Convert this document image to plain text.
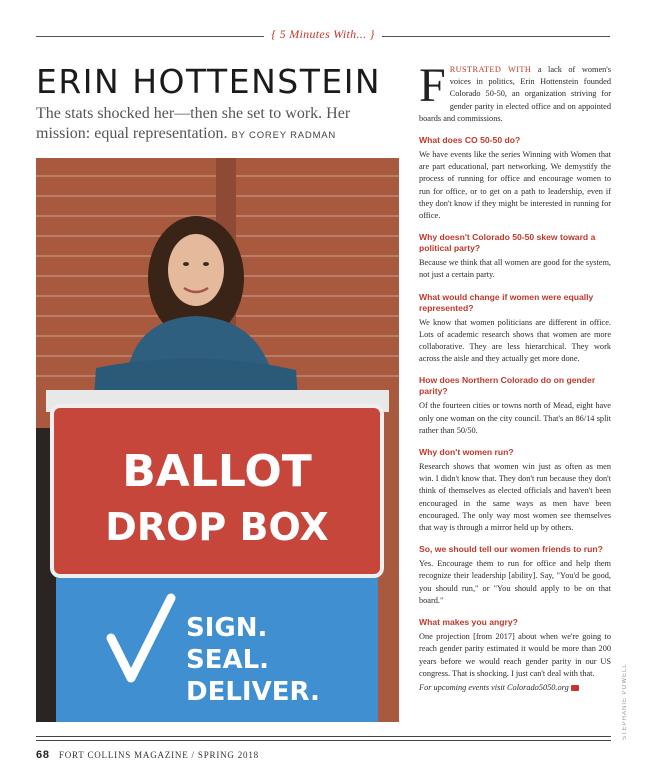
{ 5 Minutes With... }
ERIN HOTTENSTEIN
The stats shocked her—then she set to work. Her mission: equal representation. BY COREY RADMAN
BALLOT
DROP BOX
SIGN.
SEAL.
DELIVER.

FRUSTRATED WITH a lack of women's voices in politics, Erin Hottenstein founded Colorado 50-50, an organization striving for gender parity in elected office and on appointed boards and commissions.

What does CO 50-50 do?

We have events like the series Winning with Women that are part educational, part networking. We demystify the process of running for office and encourage women to run for office, or to get on a path to leadership, even if they don't know if they might be interested in running for office.

Why doesn't Colorado 50-50 skew toward a political party?

Because we think that all women are good for the system, not just a certain party.

What would change if women were equally represented?

We know that women politicians are different in office. Lots of academic research shows that women are more collaborative. They are less hierarchical. They work across the aisle and they actually get more done.

How does Northern Colorado do on gender parity?

Of the fourteen cities or towns north of Mead, eight have only one woman on the city council. That's an 86/14 split rather than 50/50.

Why don't women run?

Research shows that women win just as often as men win. I didn't know that. They don't run because they don't think of themselves as elected officials and haven't been encouraged in the same ways as men have been encouraged. The only way most women see themselves that way is through a mirror held up by others.

So, we should tell our women friends to run?

Yes. Encourage them to run for office and help them recognize their leadership [ability]. Say, "You'd be good, you should run," or "You should apply to be on that board."

What makes you angry?

One projection [from 2017] about when we're going to reach gender parity estimated it would be more than 200 years before we would reach gender parity in our US congress. That is shocking. I just can't deal with that.

For upcoming events visit Colorado5050.org	STEPHANIE POWELL
68 FORT COLLINS MAGAZINE / SPRING 2018
